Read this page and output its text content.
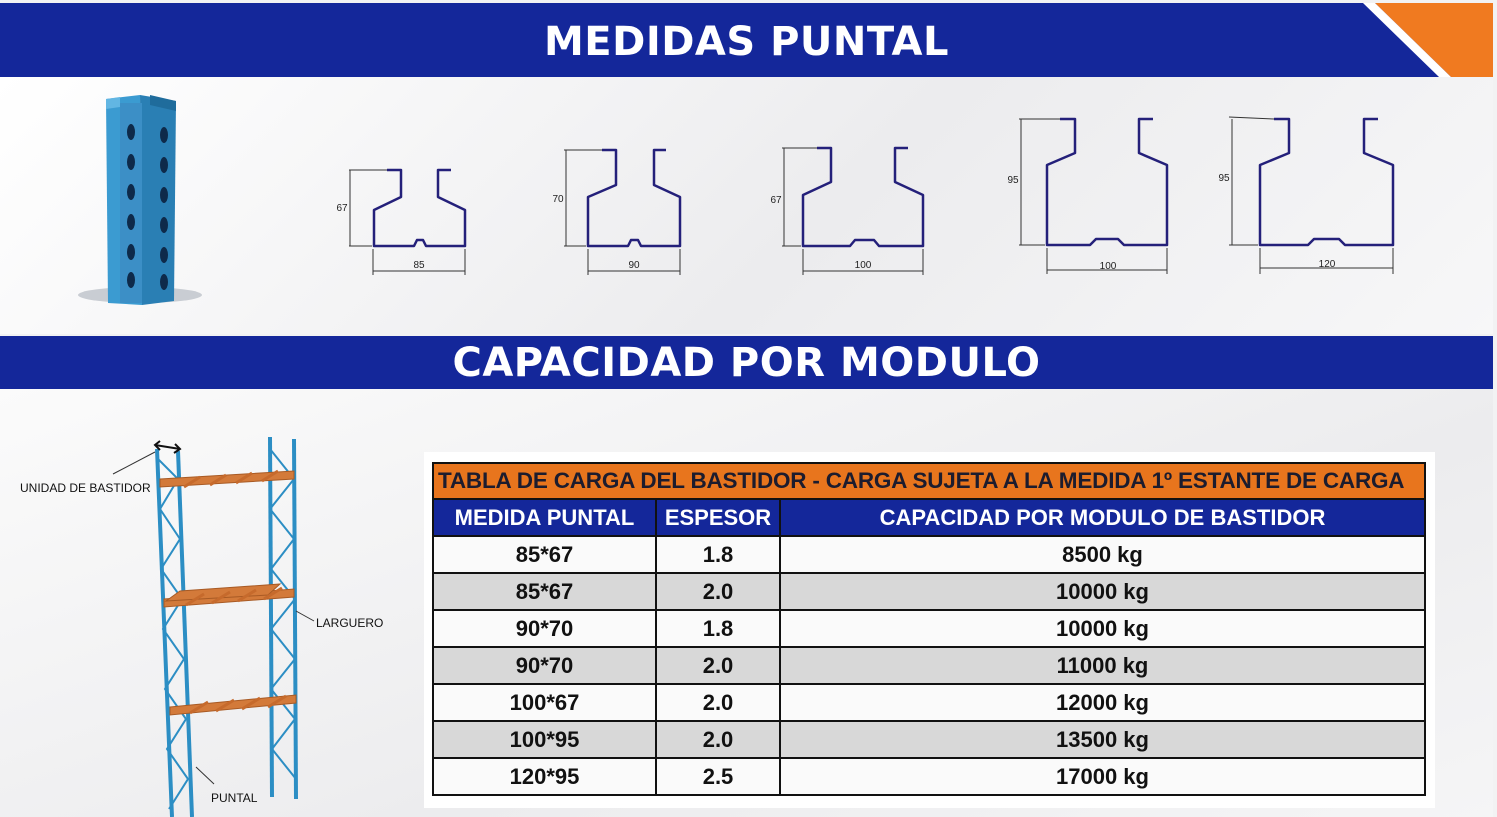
MEDIDAS PUNTAL
67
85
70
90
67
100
95
100
95
120
CAPACIDAD POR MODULO
UNIDAD DE BASTIDOR
LARGUERO
PUNTAL
TABLA DE CARGA DEL BASTIDOR - CARGA SUJETA A LA MEDIDA 1º ESTANTE DE CARGA		
MEDIDA PUNTAL	ESPESOR	CAPACIDAD POR MODULO DE BASTIDOR
85*67	1.8	8500 kg
85*67	2.0	10000 kg
90*70	1.8	10000 kg
90*70	2.0	11000 kg
100*67	2.0	12000 kg
100*95	2.0	13500 kg
120*95	2.5	17000 kg
